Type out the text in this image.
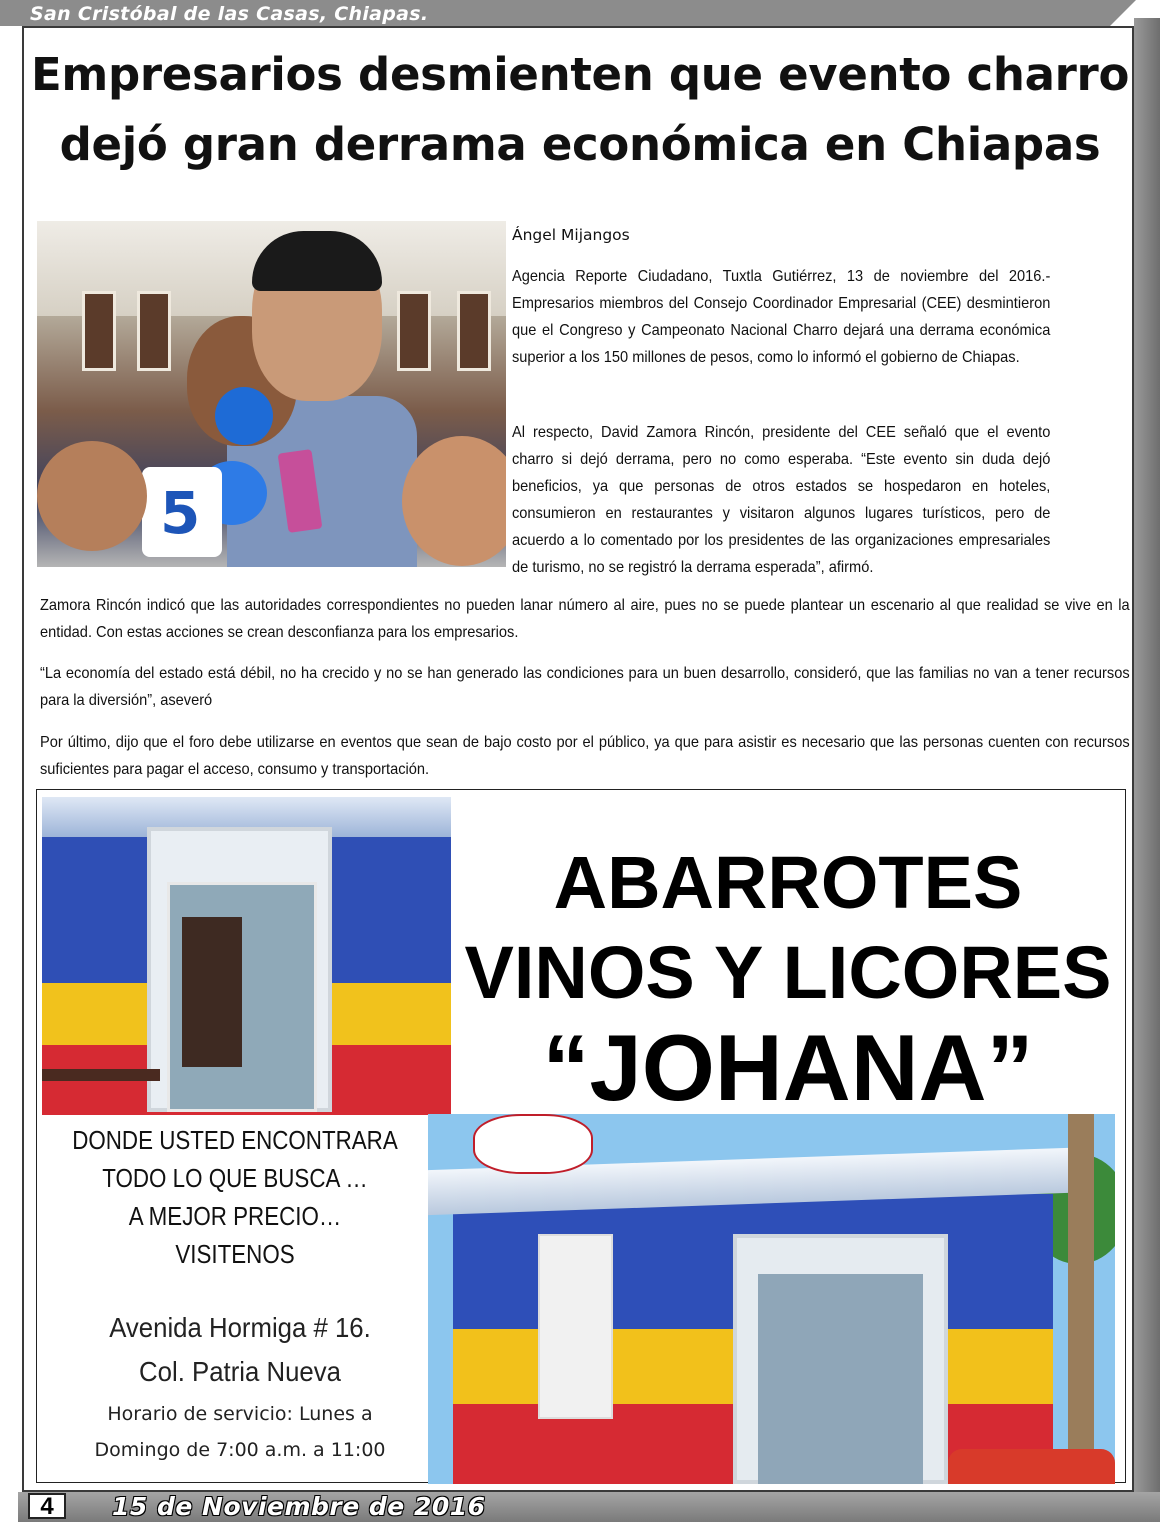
San Cristóbal de las Casas, Chiapas.
Empresarios desmienten que evento charro dejó gran derrama económica en Chiapas
5
Ángel Mijangos

Agencia Reporte Ciudadano, Tuxtla Gutiérrez, 13 de noviembre del 2016.- Empresarios miembros del Consejo Coordinador Empresarial (CEE) desmintieron que el Congreso y Campeonato Nacional Charro dejará una derrama económica superior a los 150 millones de pesos, como lo informó el gobierno de Chiapas.

Al respecto, David Zamora Rincón, presidente del CEE señaló que el evento charro si dejó derrama, pero no como esperaba. “Este evento sin duda dejó beneficios, ya que personas de otros estados se hospedaron en hoteles, consumieron en restaurantes y visitaron algunos lugares turísticos, pero de acuerdo a lo comentado por los presidentes de las organizaciones empresariales de turismo, no se registró la derrama esperada”, afirmó.

Zamora Rincón indicó que las autoridades correspondientes no pueden lanar número al aire, pues no se puede plantear un escenario al que realidad se vive en la entidad. Con estas acciones se crean desconfianza para los empresarios.

“La economía del estado está débil, no ha crecido y no se han generado las condiciones para un buen desarrollo, consideró, que las familias no van a tener recursos para la diversión”, aseveró

Por último, dijo que el foro debe utilizarse en eventos que sean de bajo costo por el público, ya que para asistir es necesario que las personas cuenten con recursos suficientes para pagar el acceso, consumo y transportación.

ABARROTES
VINOS Y LICORES
“JOHANA”
DONDE USTED ENCONTRARA
TODO LO QUE BUSCA …
A MEJOR PRECIO… VISITENOS
Avenida Hormiga # 16.
Col. Patria Nueva
Horario de servicio: Lunes a
Domingo de 7:00 a.m. a 11:00
4	15 de Noviembre de 2016
